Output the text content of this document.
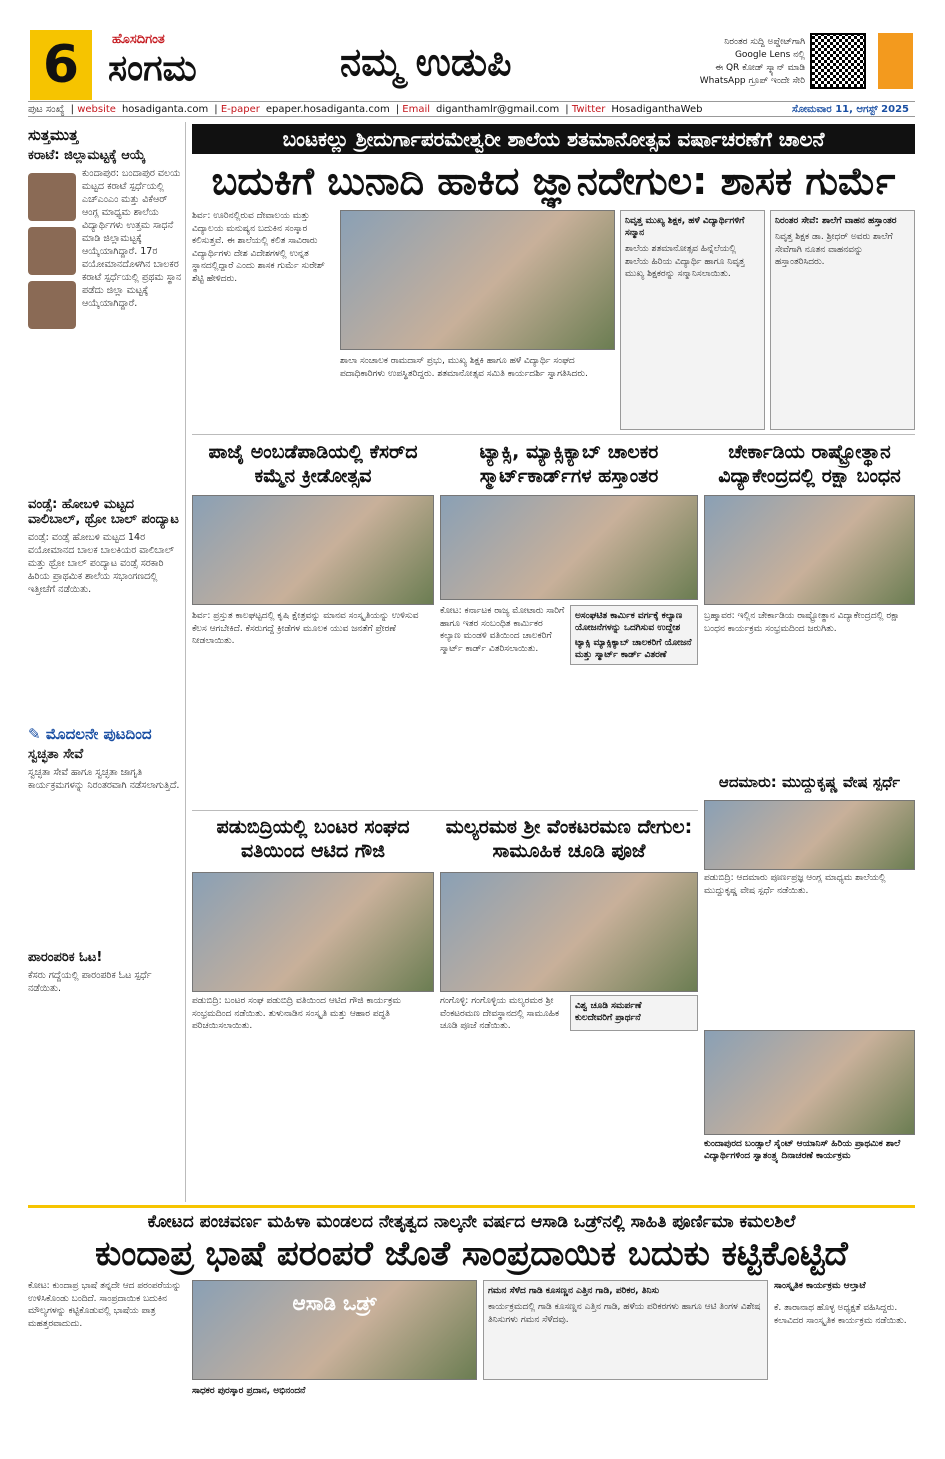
6	ಹೊಸದಿಗಂತ
ಸಂಗಮ	ನಮ್ಮ ಉಡುಪಿ	ನಿರಂತರ ಸುದ್ದಿ ಅಪ್ಡೇಟ್‌ಗಾಗಿ
Google Lens ನಲ್ಲಿ
ಈ QR ಕೋಡ್ ಸ್ಕ್ಯಾನ್ ಮಾಡಿ
WhatsApp ಗ್ರೂಪ್ ಇಂದೇ ಸೇರಿ
ಪುಟ ಸಂಖ್ಯೆ | website hosadiganta.com | E-paper epaper.hosadiganta.com | Email diganthamlr@gmail.com | Twitter HosadiganthaWeb	ಸೋಮವಾರ 11, ಆಗಸ್ಟ್ 2025
ಸುತ್ತಮುತ್ತ
ಕರಾಟೆ: ಜಿಲ್ಲಾಮಟ್ಟಕ್ಕೆ ಆಯ್ಕೆ
ಕುಂದಾಪುರ: ಬಂದಾಪುರ ವಲಯ ಮಟ್ಟದ ಕರಾಟೆ ಸ್ಪರ್ಧೆಯಲ್ಲಿ ಎಚ್‌ಎಂಎಂ ಮತ್ತು ವಿಕೆಆರ್ ಆಂಗ್ಲ ಮಾಧ್ಯಮ ಶಾಲೆಯ ವಿದ್ಯಾರ್ಥಿಗಳು ಉತ್ತಮ ಸಾಧನೆ ಮಾಡಿ ಜಿಲ್ಲಾಮಟ್ಟಕ್ಕೆ ಆಯ್ಕೆಯಾಗಿದ್ದಾರೆ. 17ರ ವಯೋಮಾನದೊಳಗಿನ ಬಾಲಕರ ಕರಾಟೆ ಸ್ಪರ್ಧೆಯಲ್ಲಿ ಪ್ರಥಮ ಸ್ಥಾನ ಪಡೆದು ಜಿಲ್ಲಾ ಮಟ್ಟಕ್ಕೆ ಆಯ್ಕೆಯಾಗಿದ್ದಾರೆ.
ವಂಡ್ಸೆ: ಹೋಬಳಿ ಮಟ್ಟದ ವಾಲಿಬಾಲ್, ಥ್ರೋ ಬಾಲ್ ಪಂದ್ಯಾಟ
ವಂಡ್ಸೆ: ವಂಡ್ಸೆ ಹೋಬಳಿ ಮಟ್ಟದ 14ರ ವಯೋಮಾನದ ಬಾಲಕ ಬಾಲಕಿಯರ ವಾಲಿಬಾಲ್ ಮತ್ತು ಥ್ರೋ ಬಾಲ್ ಪಂದ್ಯಾಟ ವಂಡ್ಸೆ ಸರಕಾರಿ ಹಿರಿಯ ಪ್ರಾಥಮಿಕ ಶಾಲೆಯ ಸಭಾಂಗಣದಲ್ಲಿ ಇತ್ತೀಚೆಗೆ ನಡೆಯಿತು.
✎ ಮೊದಲನೇ ಪುಟದಿಂದ
ಸ್ವಚ್ಛತಾ ಸೇವೆ
ಸ್ವಚ್ಛತಾ ಸೇವೆ ಹಾಗೂ ಸ್ವಚ್ಛತಾ ಜಾಗೃತಿ ಕಾರ್ಯಕ್ರಮಗಳನ್ನು ನಿರಂತರವಾಗಿ ನಡೆಸಲಾಗುತ್ತಿದೆ.
ಪಾರಂಪರಿಕ ಓಟ!
ಕೆಸರು ಗದ್ದೆಯಲ್ಲಿ ಪಾರಂಪರಿಕ ಓಟ ಸ್ಪರ್ಧೆ ನಡೆಯಿತು.
ಬಂಟಕಲ್ಲು ಶ್ರೀದುರ್ಗಾಪರಮೇಶ್ವರೀ ಶಾಲೆಯ ಶತಮಾನೋತ್ಸವ ವರ್ಷಾಚರಣೆಗೆ ಚಾಲನೆ
ಬದುಕಿಗೆ ಬುನಾದಿ ಹಾಕಿದ ಜ್ಞಾನದೇಗುಲ: ಶಾಸಕ ಗುರ್ಮೆ
ಶಿರ್ವ: ಊರಿನಲ್ಲಿರುವ ದೇವಾಲಯ ಮತ್ತು ವಿದ್ಯಾಲಯ ಮನುಷ್ಯನ ಬದುಕಿನ ಸಂಸ್ಕಾರ ಕಲಿಸುತ್ತವೆ. ಈ ಶಾಲೆಯಲ್ಲಿ ಕಲಿತ ಸಾವಿರಾರು ವಿದ್ಯಾರ್ಥಿಗಳು ದೇಶ ವಿದೇಶಗಳಲ್ಲಿ ಉನ್ನತ ಸ್ಥಾನದಲ್ಲಿದ್ದಾರೆ ಎಂದು ಶಾಸಕ ಗುರ್ಮೆ ಸುರೇಶ್ ಶೆಟ್ಟಿ ಹೇಳಿದರು.
ಶಾಲಾ ಸಂಚಾಲಕ ರಾಮದಾಸ್ ಪ್ರಭು, ಮುಖ್ಯ ಶಿಕ್ಷಕಿ ಹಾಗೂ ಹಳೆ ವಿದ್ಯಾರ್ಥಿ ಸಂಘದ ಪದಾಧಿಕಾರಿಗಳು ಉಪಸ್ಥಿತರಿದ್ದರು. ಶತಮಾನೋತ್ಸವ ಸಮಿತಿ ಕಾರ್ಯದರ್ಶಿ ಸ್ವಾಗತಿಸಿದರು.
ನಿವೃತ್ತ ಮುಖ್ಯ ಶಿಕ್ಷಕ, ಹಳೆ ವಿದ್ಯಾರ್ಥಿಗಳಿಗೆ ಸನ್ಮಾನ
ಶಾಲೆಯ ಶತಮಾನೋತ್ಸವ ಹಿನ್ನೆಲೆಯಲ್ಲಿ ಶಾಲೆಯ ಹಿರಿಯ ವಿದ್ಯಾರ್ಥಿ ಹಾಗೂ ನಿವೃತ್ತ ಮುಖ್ಯ ಶಿಕ್ಷಕರನ್ನು ಸನ್ಮಾನಿಸಲಾಯಿತು.
ನಿರಂತರ ಸೇವೆ: ಶಾಲೆಗೆ ವಾಹನ ಹಸ್ತಾಂತರ
ನಿವೃತ್ತ ಶಿಕ್ಷಕ ಡಾ. ಶ್ರೀಧರ್ ಅವರು ಶಾಲೆಗೆ ಸೇವೆಗಾಗಿ ನೂತನ ವಾಹನವನ್ನು ಹಸ್ತಾಂತರಿಸಿದರು.
ಪಾಜೈ ಅಂಬಡೆಪಾಡಿಯಲ್ಲಿ ಕೆಸರ್‌ದ ಕಮ್ಮೆನ ಕ್ರೀಡೋತ್ಸವ
ಶಿರ್ವ: ಪ್ರಸ್ತುತ ಕಾಲಘಟ್ಟದಲ್ಲಿ ಕೃಷಿ ಕ್ಷೇತ್ರವನ್ನು ಮಾನವ ಸಂಸ್ಕೃತಿಯನ್ನು ಉಳಿಸುವ ಕೆಲಸ ಆಗಬೇಕಿದೆ. ಕೆಸರುಗದ್ದೆ ಕ್ರೀಡೆಗಳ ಮೂಲಕ ಯುವ ಜನತೆಗೆ ಪ್ರೇರಣೆ ನೀಡಲಾಯಿತು.
ಟ್ಯಾಕ್ಸಿ, ಮ್ಯಾಕ್ಸಿಕ್ಯಾಬ್ ಚಾಲಕರ ಸ್ಮಾರ್ಟ್‌ಕಾರ್ಡ್‌ಗಳ ಹಸ್ತಾಂತರ
ಕೋಟ: ಕರ್ನಾಟಕ ರಾಜ್ಯ ಮೋಟಾರು ಸಾರಿಗೆ ಹಾಗೂ ಇತರ ಸಂಬಂಧಿತ ಕಾರ್ಮಿಕರ ಕಲ್ಯಾಣ ಮಂಡಳಿ ವತಿಯಿಂದ ಚಾಲಕರಿಗೆ ಸ್ಮಾರ್ಟ್ ಕಾರ್ಡ್ ವಿತರಿಸಲಾಯಿತು.
ಅಸಂಘಟಿತ ಕಾರ್ಮಿಕ ವರ್ಗಕ್ಕೆ ಕಲ್ಯಾಣ ಯೋಜನೆಗಳನ್ನು ಒದಗಿಸುವ ಉದ್ದೇಶ
ಟ್ಯಾಕ್ಸಿ ಮ್ಯಾಕ್ಸಿಕ್ಯಾಬ್ ಚಾಲಕರಿಗೆ ಯೋಜನೆ ಮತ್ತು ಸ್ಮಾರ್ಟ್ ಕಾರ್ಡ್ ವಿತರಣೆ
ಚೇರ್ಕಾಡಿಯ ರಾಷ್ಟ್ರೋತ್ಥಾನ ವಿದ್ಯಾಕೇಂದ್ರದಲ್ಲಿ ರಕ್ಷಾ ಬಂಧನ
ಬ್ರಹ್ಮಾವರ: ಇಲ್ಲಿನ ಚೇರ್ಕಾಡಿಯ ರಾಷ್ಟ್ರೋತ್ಥಾನ ವಿದ್ಯಾಕೇಂದ್ರದಲ್ಲಿ ರಕ್ಷಾ ಬಂಧನ ಕಾರ್ಯಕ್ರಮ ಸಂಭ್ರಮದಿಂದ ಜರುಗಿತು.
ಆದಮಾರು: ಮುದ್ದುಕೃಷ್ಣ ವೇಷ ಸ್ಪರ್ಧೆ
ಪಡುಬಿದ್ರಿ: ಆದಮಾರು ಪೂರ್ಣಪ್ರಜ್ಞ ಆಂಗ್ಲ ಮಾಧ್ಯಮ ಶಾಲೆಯಲ್ಲಿ ಮುದ್ದುಕೃಷ್ಣ ವೇಷ ಸ್ಪರ್ಧೆ ನಡೆಯಿತು.
ಕುಂದಾಪುರದ ಬಂಡ್ಸಾಲೆ ಸೈಂಟ್ ಆಯಾನಿಸ್ ಹಿರಿಯ ಪ್ರಾಥಮಿಕ ಶಾಲೆ ವಿದ್ಯಾರ್ಥಿಗಳಿಂದ ಸ್ವಾತಂತ್ರ್ಯ ದಿನಾಚರಣೆ ಕಾರ್ಯಕ್ರಮ
ಪಡುಬಿದ್ರಿಯಲ್ಲಿ ಬಂಟರ ಸಂಘದ ವತಿಯಿಂದ ಆಟಿದ ಗೌಜಿ
ಪಡುಬಿದ್ರಿ: ಬಂಟರ ಸಂಘ ಪಡುಬಿದ್ರಿ ವತಿಯಿಂದ ಆಟಿದ ಗೌಜಿ ಕಾರ್ಯಕ್ರಮ ಸಂಭ್ರಮದಿಂದ ನಡೆಯಿತು. ತುಳುನಾಡಿನ ಸಂಸ್ಕೃತಿ ಮತ್ತು ಆಹಾರ ಪದ್ಧತಿ ಪರಿಚಯಿಸಲಾಯಿತು.
ಮಲ್ಯರಮಠ ಶ್ರೀ ವೆಂಕಟರಮಣ ದೇಗುಲ: ಸಾಮೂಹಿಕ ಚೂಡಿ ಪೂಜೆ
ಗಂಗೊಳ್ಳಿ: ಗಂಗೊಳ್ಳಿಯ ಮಲ್ಯರಮಠ ಶ್ರೀ ವೆಂಕಟರಮಣ ದೇವಸ್ಥಾನದಲ್ಲಿ ಸಾಮೂಹಿಕ ಚೂಡಿ ಪೂಜೆ ನಡೆಯಿತು.
ವಿಶ್ವ ಚೂಡಿ ಸಮರ್ಪಣೆ
ಕುಲದೇವರಿಗೆ ಪ್ರಾರ್ಥನೆ
ಕೋಟದ ಪಂಚವರ್ಣ ಮಹಿಳಾ ಮಂಡಲದ ನೇತೃತ್ವದ ನಾಲ್ಕನೇ ವರ್ಷದ ಆಸಾಡಿ ಒಡ್ರ್‌ನಲ್ಲಿ ಸಾಹಿತಿ ಪೂರ್ಣಿಮಾ ಕಮಲಶಿಲೆ
ಕುಂದಾಪ್ರ ಭಾಷೆ ಪರಂಪರೆ ಜೊತೆ ಸಾಂಪ್ರದಾಯಿಕ ಬದುಕು ಕಟ್ಟಿಕೊಟ್ಟಿದೆ
ಕೋಟ: ಕುಂದಾಪ್ರ ಭಾಷೆ ತನ್ನದೇ ಆದ ಪರಂಪರೆಯನ್ನು ಉಳಿಸಿಕೊಂಡು ಬಂದಿದೆ. ಸಾಂಪ್ರದಾಯಿಕ ಬದುಕಿನ ಮೌಲ್ಯಗಳನ್ನು ಕಟ್ಟಿಕೊಡುವಲ್ಲಿ ಭಾಷೆಯ ಪಾತ್ರ ಮಹತ್ತರವಾದುದು.
ಆಸಾಡಿ ಒಡ್ರ್
ಸಾಧಕರ ಪುರಸ್ಕಾರ ಪ್ರದಾನ, ಅಭಿನಂದನೆ
ಗಮನ ಸೆಳೆದ ಗಾಡಿ ಕೂಸಣ್ಣನ ಎತ್ತಿನ ಗಾಡಿ, ಪರಿಕರ, ತಿನಿಸು
ಕಾರ್ಯಕ್ರಮದಲ್ಲಿ ಗಾಡಿ ಕೂಸಣ್ಣನ ಎತ್ತಿನ ಗಾಡಿ, ಹಳೆಯ ಪರಿಕರಗಳು ಹಾಗೂ ಆಟಿ ತಿಂಗಳ ವಿಶೇಷ ತಿನಿಸುಗಳು ಗಮನ ಸೆಳೆದವು.
ಸಾಂಸ್ಕೃತಿಕ ಕಾರ್ಯಕ್ರಮ ಆಲ್ತಾಟೆ
ಕೆ. ತಾರಾನಾಥ ಹೊಳ್ಳ ಅಧ್ಯಕ್ಷತೆ ವಹಿಸಿದ್ದರು. ಕಲಾವಿದರ ಸಾಂಸ್ಕೃತಿಕ ಕಾರ್ಯಕ್ರಮ ನಡೆಯಿತು.
